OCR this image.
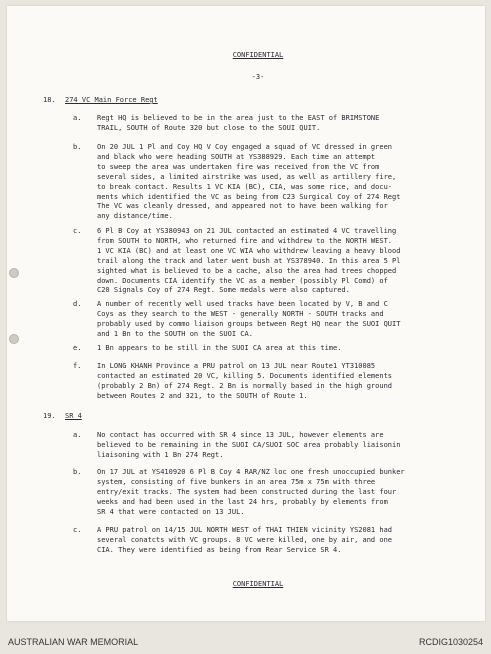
CONFIDENTIAL
-3-
18. 274 VC Main Force Regt
a. Regt HQ is believed to be in the area just to the EAST of BRIMSTONE
TRAIL, SOUTH of Route 320 but close to the SOUI QUIT.
b. On 20 JUL 1 Pl and Coy HQ V Coy engaged a squad of VC dressed in green
and black who were heading SOUTH at YS388929. Each time an attempt
to sweep the area was undertaken fire was received from the VC from
several sides, a limited airstrike was used, as well as artillery fire,
to break contact. Results 1 VC KIA (BC), CIA, was some rice, and docu-
ments which identified the VC as being from C23 Surgical Coy of 274 Regt
The VC was cleanly dressed, and appeared not to have been walking for
any distance/time.
c. 6 Pl B Coy at YS380943 on 21 JUL contacted an estimated 4 VC travelling
from SOUTH to NORTH, who returned fire and withdrew to the NORTH WEST.
1 VC KIA (BC) and at least one VC WIA who withdrew leaving a heavy blood
trail along the track and later went bush at YS378940. In this area 5 Pl
sighted what is believed to be a cache, also the area had trees chopped
down. Documents CIA identify the VC as a member (possibly Pl Comd) of
C20 Signals Coy of 274 Regt. Some medals were also captured.
d. A number of recently well used tracks have been located by V, B and C
Coys as they search to the WEST - generally NORTH - SOUTH tracks and
probably used by commo liaison groups between Regt HQ near the SUOI QUIT
and 1 Bn to the SOUTH on the SUOI CA.
e. 1 Bn appears to be still in the SUOI CA area at this time.
f. In LONG KHANH Province a PRU patrol on 13 JUL near Route1 YT310085
contacted an estimated 20 VC, killing 5. Documents identified elements
(probably 2 Bn) of 274 Regt. 2 Bn is normally based in the high ground
between Routes 2 and 321, to the SOUTH of Route 1.
19. SR 4
a. No contact has occurred with SR 4 since 13 JUL, however elements are
believed to be remaining in the SUOI CA/SUOI SOC area probably liaisonin
liaisoning with 1 Bn 274 Regt.
b. On 17 JUL at YS410920 6 Pl B Coy 4 RAR/NZ loc one fresh unoccupied bunker
system, consisting of five bunkers in an area 75m x 75m with three
entry/exit tracks. The system had been constructed during the last four
weeks and had been used in the last 24 hrs, probably by elements from
SR 4 that were contacted on 13 JUL.
c. A PRU patrol on 14/15 JUL NORTH WEST of THAI THIEN vicinity YS2081 had
several conatcts with VC groups. 8 VC were killed, one by air, and one
CIA. They were identified as being from Rear Service SR 4.
CONFIDENTIAL
AUSTRALIAN WAR MEMORIAL	RCDIG1030254
